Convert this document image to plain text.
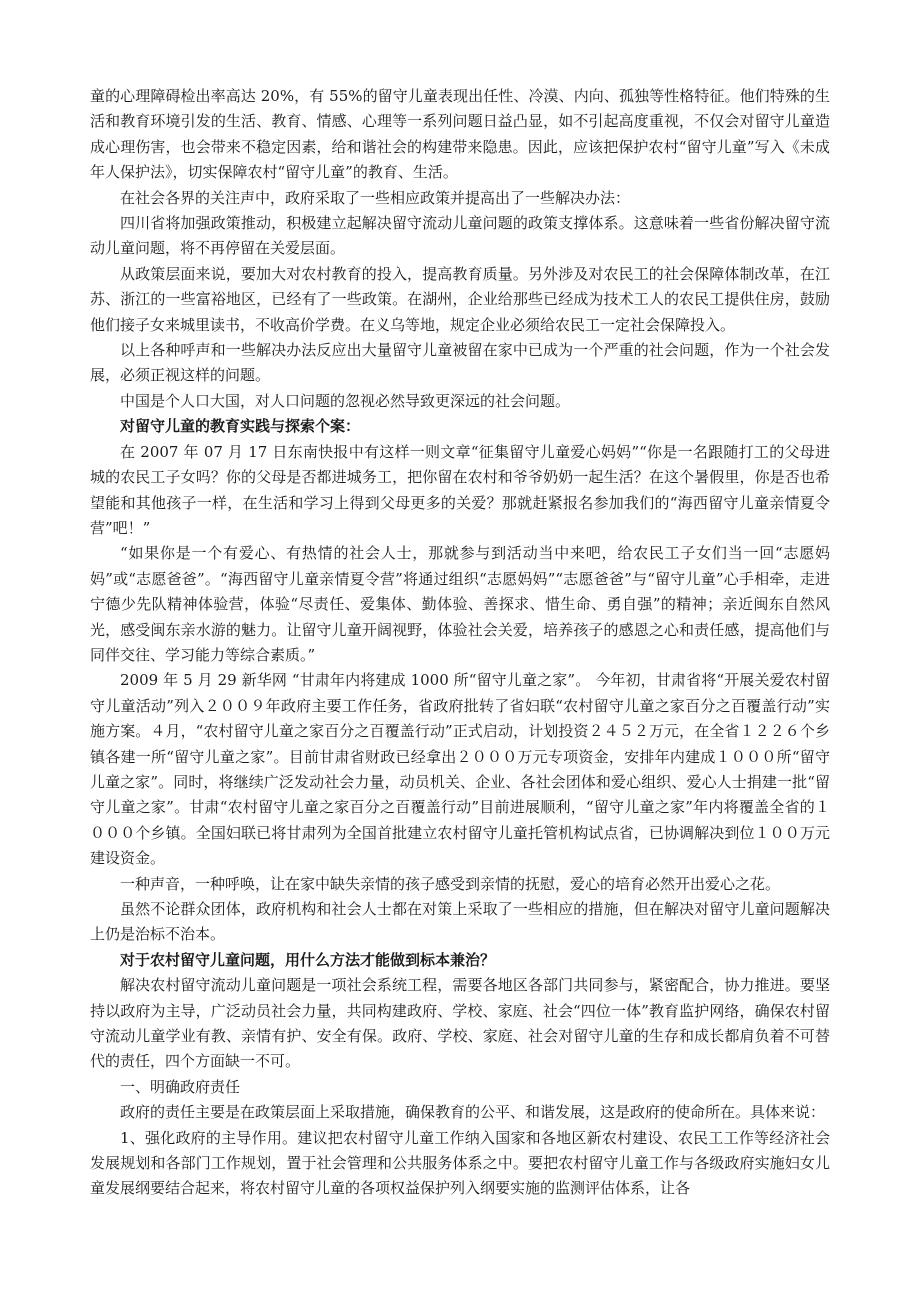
童的心理障碍检出率高达 20%，有 55%的留守儿童表现出任性、冷漠、内向、孤独等性格特征。他们特殊的生活和教育环境引发的生活、教育、情感、心理等一系列问题日益凸显，如不引起高度重视，不仅会对留守儿童造成心理伤害，也会带来不稳定因素，给和谐社会的构建带来隐患。因此，应该把保护农村“留守儿童”写入《未成年人保护法》，切实保障农村“留守儿童”的教育、生活。

在社会各界的关注声中，政府采取了一些相应政策并提高出了一些解决办法：

四川省将加强政策推动，积极建立起解决留守流动儿童问题的政策支撑体系。这意味着一些省份解决留守流动儿童问题，将不再停留在关爱层面。

从政策层面来说，要加大对农村教育的投入，提高教育质量。另外涉及对农民工的社会保障体制改革，在江苏、浙江的一些富裕地区，已经有了一些政策。在湖州，企业给那些已经成为技术工人的农民工提供住房，鼓励他们接子女来城里读书，不收高价学费。在义乌等地，规定企业必须给农民工一定社会保障投入。

以上各种呼声和一些解决办法反应出大量留守儿童被留在家中已成为一个严重的社会问题，作为一个社会发展，必须正视这样的问题。

中国是个人口大国，对人口问题的忽视必然导致更深远的社会问题。

对留守儿童的教育实践与探索个案：

在 2007 年 07 月 17 日东南快报中有这样一则文章“征集留守儿童爱心妈妈”“你是一名跟随打工的父母进城的农民工子女吗？你的父母是否都进城务工，把你留在农村和爷爷奶奶一起生活？在这个暑假里，你是否也希望能和其他孩子一样，在生活和学习上得到父母更多的关爱？那就赶紧报名参加我们的“海西留守儿童亲情夏令营”吧！”

“如果你是一个有爱心、有热情的社会人士，那就参与到活动当中来吧，给农民工子女们当一回“志愿妈妈”或“志愿爸爸”。“海西留守儿童亲情夏令营”将通过组织“志愿妈妈”“志愿爸爸”与“留守儿童”心手相牵，走进宁德少先队精神体验营，体验“尽责任、爱集体、勤体验、善探求、惜生命、勇自强”的精神；亲近闽东自然风光，感受闽东亲水游的魅力。让留守儿童开阔视野，体验社会关爱，培养孩子的感恩之心和责任感，提高他们与同伴交往、学习能力等综合素质。”

2009 年 5 月 29 新华网 “甘肃年内将建成 1000 所“留守儿童之家”。 今年初，甘肃省将“开展关爱农村留守儿童活动”列入２００９年政府主要工作任务，省政府批转了省妇联“农村留守儿童之家百分之百覆盖行动”实施方案。４月，“农村留守儿童之家百分之百覆盖行动”正式启动，计划投资２４５２万元，在全省１２２６个乡镇各建一所“留守儿童之家”。目前甘肃省财政已经拿出２０００万元专项资金，安排年内建成１０００所“留守儿童之家”。同时，将继续广泛发动社会力量，动员机关、企业、各社会团体和爱心组织、爱心人士捐建一批“留守儿童之家”。甘肃“农村留守儿童之家百分之百覆盖行动”目前进展顺利，“留守儿童之家”年内将覆盖全省的１０００个乡镇。全国妇联已将甘肃列为全国首批建立农村留守儿童托管机构试点省，已协调解决到位１００万元建设资金。

一种声音，一种呼唤，让在家中缺失亲情的孩子感受到亲情的抚慰，爱心的培育必然开出爱心之花。

虽然不论群众团体，政府机构和社会人士都在对策上采取了一些相应的措施，但在解决对留守儿童问题解决上仍是治标不治本。

对于农村留守儿童问题，用什么方法才能做到标本兼治？

解决农村留守流动儿童问题是一项社会系统工程，需要各地区各部门共同参与，紧密配合，协力推进。要坚持以政府为主导，广泛动员社会力量，共同构建政府、学校、家庭、社会“四位一体”教育监护网络，确保农村留守流动儿童学业有教、亲情有护、安全有保。政府、学校、家庭、社会对留守儿童的生存和成长都肩负着不可替代的责任，四个方面缺一不可。

一、明确政府责任

政府的责任主要是在政策层面上采取措施，确保教育的公平、和谐发展，这是政府的使命所在。具体来说：

1、强化政府的主导作用。建议把农村留守儿童工作纳入国家和各地区新农村建设、农民工工作等经济社会发展规划和各部门工作规划，置于社会管理和公共服务体系之中。要把农村留守儿童工作与各级政府实施妇女儿童发展纲要结合起来，将农村留守儿童的各项权益保护列入纲要实施的监测评估体系，让各
